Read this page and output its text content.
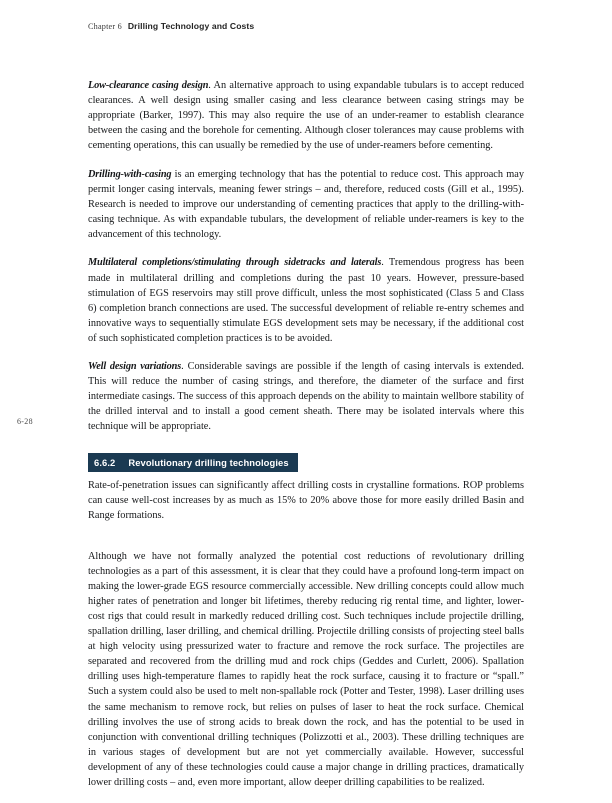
Chapter 6 Drilling Technology and Costs
6-28

Low-clearance casing design. An alternative approach to using expandable tubulars is to accept reduced clearances. A well design using smaller casing and less clearance between casing strings may be appropriate (Barker, 1997). This may also require the use of an under-reamer to establish clearance between the casing and the borehole for cementing. Although closer tolerances may cause problems with cementing operations, this can usually be remedied by the use of under-reamers before cementing.

Drilling-with-casing is an emerging technology that has the potential to reduce cost. This approach may permit longer casing intervals, meaning fewer strings – and, therefore, reduced costs (Gill et al., 1995). Research is needed to improve our understanding of cementing practices that apply to the drilling-with-casing technique. As with expandable tubulars, the development of reliable under-reamers is key to the advancement of this technology.

Multilateral completions/stimulating through sidetracks and laterals. Tremendous progress has been made in multilateral drilling and completions during the past 10 years. However, pressure-based stimulation of EGS reservoirs may still prove difficult, unless the most sophisticated (Class 5 and Class 6) completion branch connections are used. The successful development of reliable re-entry schemes and innovative ways to sequentially stimulate EGS development sets may be necessary, if the additional cost of such sophisticated completion practices is to be avoided.

Well design variations. Considerable savings are possible if the length of casing intervals is extended. This will reduce the number of casing strings, and therefore, the diameter of the surface and first intermediate casings. The success of this approach depends on the ability to maintain wellbore stability of the drilled interval and to install a good cement sheath. There may be isolated intervals where this technique will be appropriate.

6.6.2 Revolutionary drilling technologies

Rate-of-penetration issues can significantly affect drilling costs in crystalline formations. ROP problems can cause well-cost increases by as much as 15% to 20% above those for more easily drilled Basin and Range formations.

Although we have not formally analyzed the potential cost reductions of revolutionary drilling technologies as a part of this assessment, it is clear that they could have a profound long-term impact on making the lower-grade EGS resource commercially accessible. New drilling concepts could allow much higher rates of penetration and longer bit lifetimes, thereby reducing rig rental time, and lighter, lower-cost rigs that could result in markedly reduced drilling cost. Such techniques include projectile drilling, spallation drilling, laser drilling, and chemical drilling. Projectile drilling consists of projecting steel balls at high velocity using pressurized water to fracture and remove the rock surface. The projectiles are separated and recovered from the drilling mud and rock chips (Geddes and Curlett, 2006). Spallation drilling uses high-temperature flames to rapidly heat the rock surface, causing it to fracture or “spall.” Such a system could also be used to melt non-spallable rock (Potter and Tester, 1998). Laser drilling uses the same mechanism to remove rock, but relies on pulses of laser to heat the rock surface. Chemical drilling involves the use of strong acids to break down the rock, and has the potential to be used in conjunction with conventional drilling techniques (Polizzotti et al., 2003). These drilling techniques are in various stages of development but are not yet commercially available. However, successful development of any of these technologies could cause a major change in drilling practices, dramatically lower drilling costs – and, even more important, allow deeper drilling capabilities to be realized.
